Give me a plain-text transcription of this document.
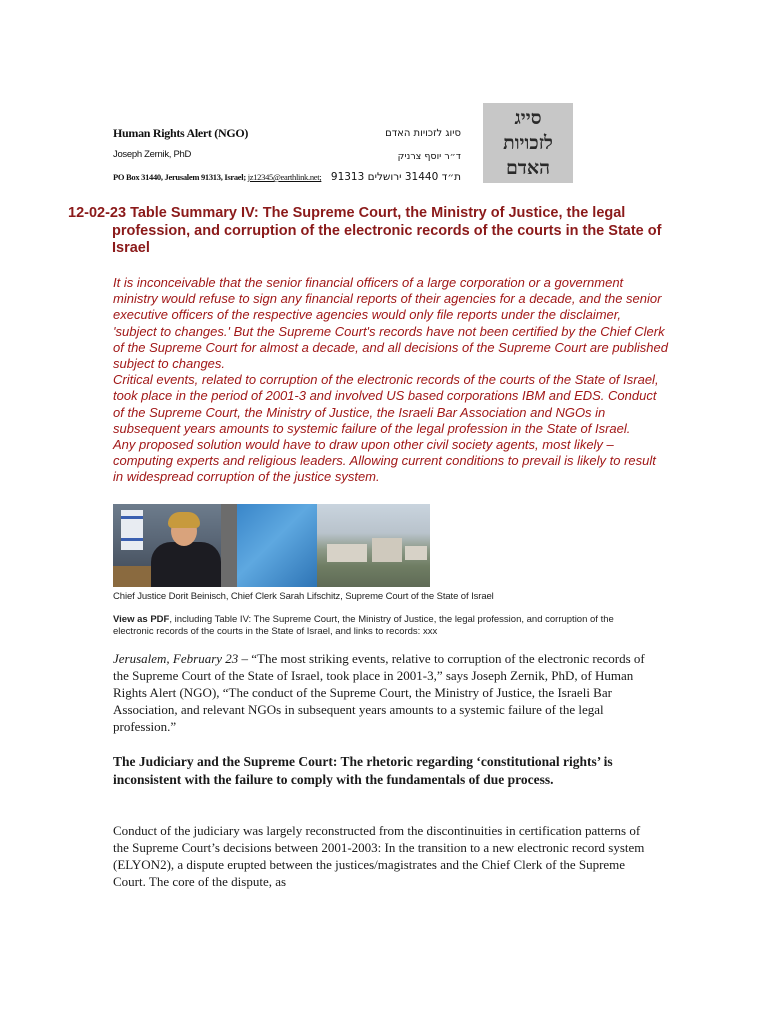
Human Rights Alert (NGO)
Joseph Zernik, PhD
PO Box 31440, Jerusalem 91313, Israel; jz12345@earthlink.net;
סיוג לזכויות האדם
ד״ר יוסף צרניק
ת״ד 31440 ירושלים 91313
סייג
לזכויות
האדם
12-02-23 Table Summary IV: The Supreme Court, the Ministry of Justice, the legal
profession, and corruption of the electronic records of the courts in the State of Israel

It is inconceivable that the senior financial officers of a large corporation or a government ministry would refuse to sign any financial reports of their agencies for a decade, and the senior executive officers of the respective agencies would only file reports under the disclaimer, 'subject to changes.' But the Supreme Court's records have not been certified by the Chief Clerk of the Supreme Court for almost a decade, and all decisions of the Supreme Court are published subject to changes.

Critical events, related to corruption of the electronic records of the courts of the State of Israel, took place in the period of 2001-3 and involved US based corporations IBM and EDS. Conduct of the Supreme Court, the Ministry of Justice, the Israeli Bar Association and NGOs in subsequent years amounts to systemic failure of the legal profession in the State of Israel.

Any proposed solution would have to draw upon other civil society agents, most likely – computing experts and religious leaders. Allowing current conditions to prevail is likely to result in widespread corruption of the justice system.

Chief Justice Dorit Beinisch, Chief Clerk Sarah Lifschitz, Supreme Court of the State of Israel
View as PDF, including Table IV: The Supreme Court, the Ministry of Justice, the legal profession, and corruption of the electronic records of the courts in the State of Israel, and links to records: xxx
Jerusalem, February 23 – “The most striking events, relative to corruption of the electronic records of the Supreme Court of the State of Israel, took place in 2001-3,” says Joseph Zernik, PhD, of Human Rights Alert (NGO), “The conduct of the Supreme Court, the Ministry of Justice, the Israeli Bar Association, and relevant NGOs in subsequent years amounts to a systemic failure of the legal profession.”
The Judiciary and the Supreme Court: The rhetoric regarding ‘constitutional rights’ is inconsistent with the failure to comply with the fundamentals of due process.
Conduct of the judiciary was largely reconstructed from the discontinuities in certification patterns of the Supreme Court’s decisions between 2001-2003: In the transition to a new electronic record system (ELYON2), a dispute erupted between the justices/magistrates and the Chief Clerk of the Supreme Court. The core of the dispute, as
